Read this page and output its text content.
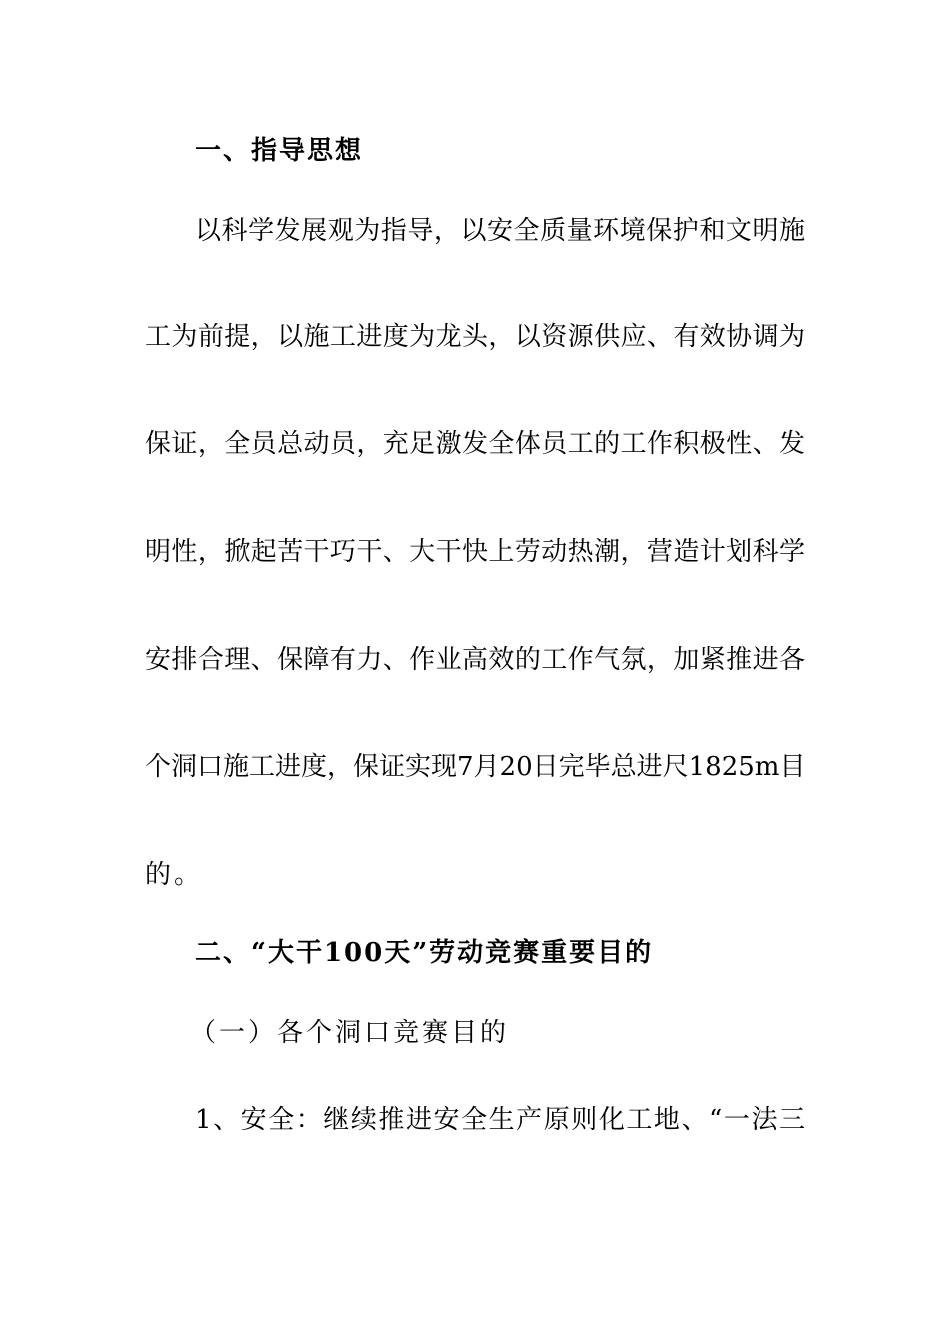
一、指导思想
以科学发展观为指导，以安全质量环境保护和文明施
工为前提，以施工进度为龙头，以资源供应、有效协调为
保证，全员总动员，充足激发全体员工的工作积极性、发
明性，掀起苦干巧干、大干快上劳动热潮，营造计划科学
安排合理、保障有力、作业高效的工作气氛，加紧推进各
个洞口施工进度，保证实现7月20日完毕总进尺1825m目
的。
二、“大干100天”劳动竞赛重要目的
（一）各个洞口竞赛目的
1、安全：继续推进安全生产原则化工地、“一法三
